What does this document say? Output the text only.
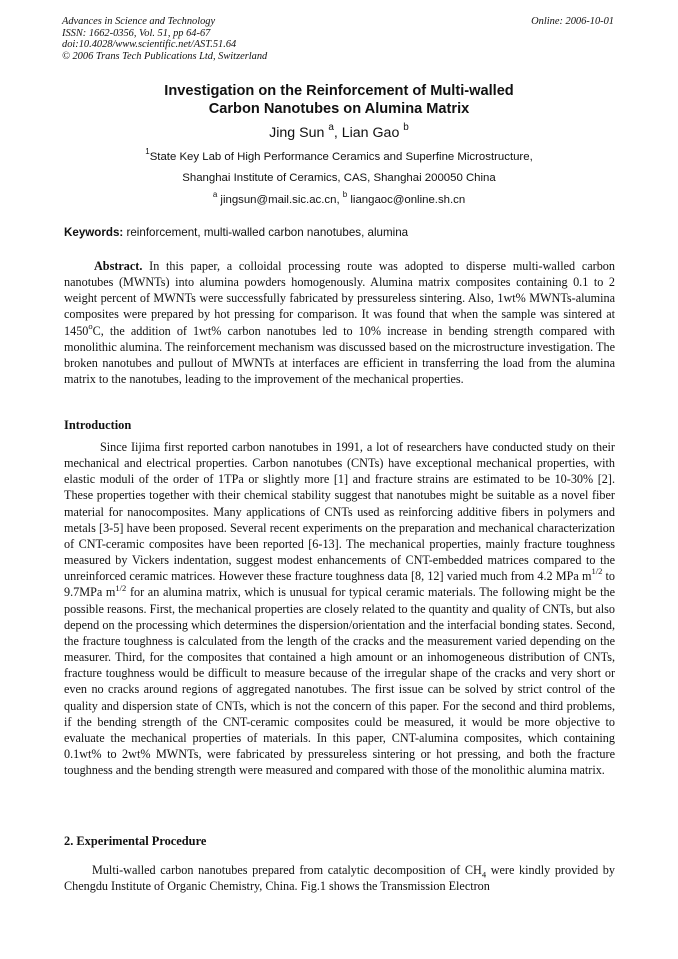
Advances in Science and Technology
ISSN: 1662-0356, Vol. 51, pp 64-67
doi:10.4028/www.scientific.net/AST.51.64
© 2006 Trans Tech Publications Ltd, Switzerland
Online: 2006-10-01
Investigation on the Reinforcement of Multi-walled
Carbon Nanotubes on Alumina Matrix
Jing Sun $^a$, Lian Gao $^b$
$^1$State Key Lab of High Performance Ceramics and Superfine Microstructure,
Shanghai Institute of Ceramics, CAS, Shanghai 200050 China
$^a$ jingsun@mail.sic.ac.cn, $^b$ liangaoc@online.sh.cn
Keywords: reinforcement, multi-walled carbon nanotubes, alumina
Abstract. In this paper, a colloidal processing route was adopted to disperse multi-walled carbon nanotubes (MWNTs) into alumina powders homogenously. Alumina matrix composites containing 0.1 to 2 weight percent of MWNTs were successfully fabricated by pressureless sintering. Also, 1wt% MWNTs-alumina composites were prepared by hot pressing for comparison. It was found that when the sample was sintered at 1450$^o$C, the addition of 1wt% carbon nanotubes led to 10% increase in bending strength compared with monolithic alumina. The reinforcement mechanism was discussed based on the microstructure investigation. The broken nanotubes and pullout of MWNTs at interfaces are efficient in transferring the load from the alumina matrix to the nanotubes, leading to the improvement of the mechanical properties.
Introduction
Since Iijima first reported carbon nanotubes in 1991, a lot of researchers have conducted study on their mechanical and electrical properties. Carbon nanotubes (CNTs) have exceptional mechanical properties, with elastic moduli of the order of 1TPa or slightly more [1] and fracture strains are estimated to be 10-30% [2]. These properties together with their chemical stability suggest that nanotubes might be suitable as a novel fiber material for nanocomposites. Many applications of CNTs used as reinforcing additive fibers in polymers and metals [3-5] have been proposed. Several recent experiments on the preparation and mechanical characterization of CNT-ceramic composites have been reported [6-13]. The mechanical properties, mainly fracture toughness measured by Vickers indentation, suggest modest enhancements of CNT-embedded matrices compared to the unreinforced ceramic matrices. However these fracture toughness data [8, 12] varied much from 4.2 MPa $m^{1/2}$ to 9.7MPa $m^{1/2}$ for an alumina matrix, which is unusual for typical ceramic materials. The following might be the possible reasons. First, the mechanical properties are closely related to the quantity and quality of CNTs, but also depend on the processing which determines the dispersion/orientation and the interfacial bonding states. Second, the fracture toughness is calculated from the length of the cracks and the measurement varied depending on the measurer. Third, for the composites that contained a high amount or an inhomogeneous distribution of CNTs, fracture toughness would be difficult to measure because of the irregular shape of the cracks and very short or even no cracks around regions of aggregated nanotubes. The first issue can be solved by strict control of the quality and dispersion state of CNTs, which is not the concern of this paper. For the second and third problems, if the bending strength of the CNT-ceramic composites could be measured, it would be more objective to evaluate the mechanical properties of materials. In this paper, CNT-alumina composites, which containing 0.1wt% to 2wt% MWNTs, were fabricated by pressureless sintering or hot pressing, and both the fracture toughness and the bending strength were measured and compared with those of the monolithic alumina matrix.
2. Experimental Procedure
Multi-walled carbon nanotubes prepared from catalytic decomposition of $CH_4$ were kindly provided by Chengdu Institute of Organic Chemistry, China. Fig.1 shows the Transmission Electron
